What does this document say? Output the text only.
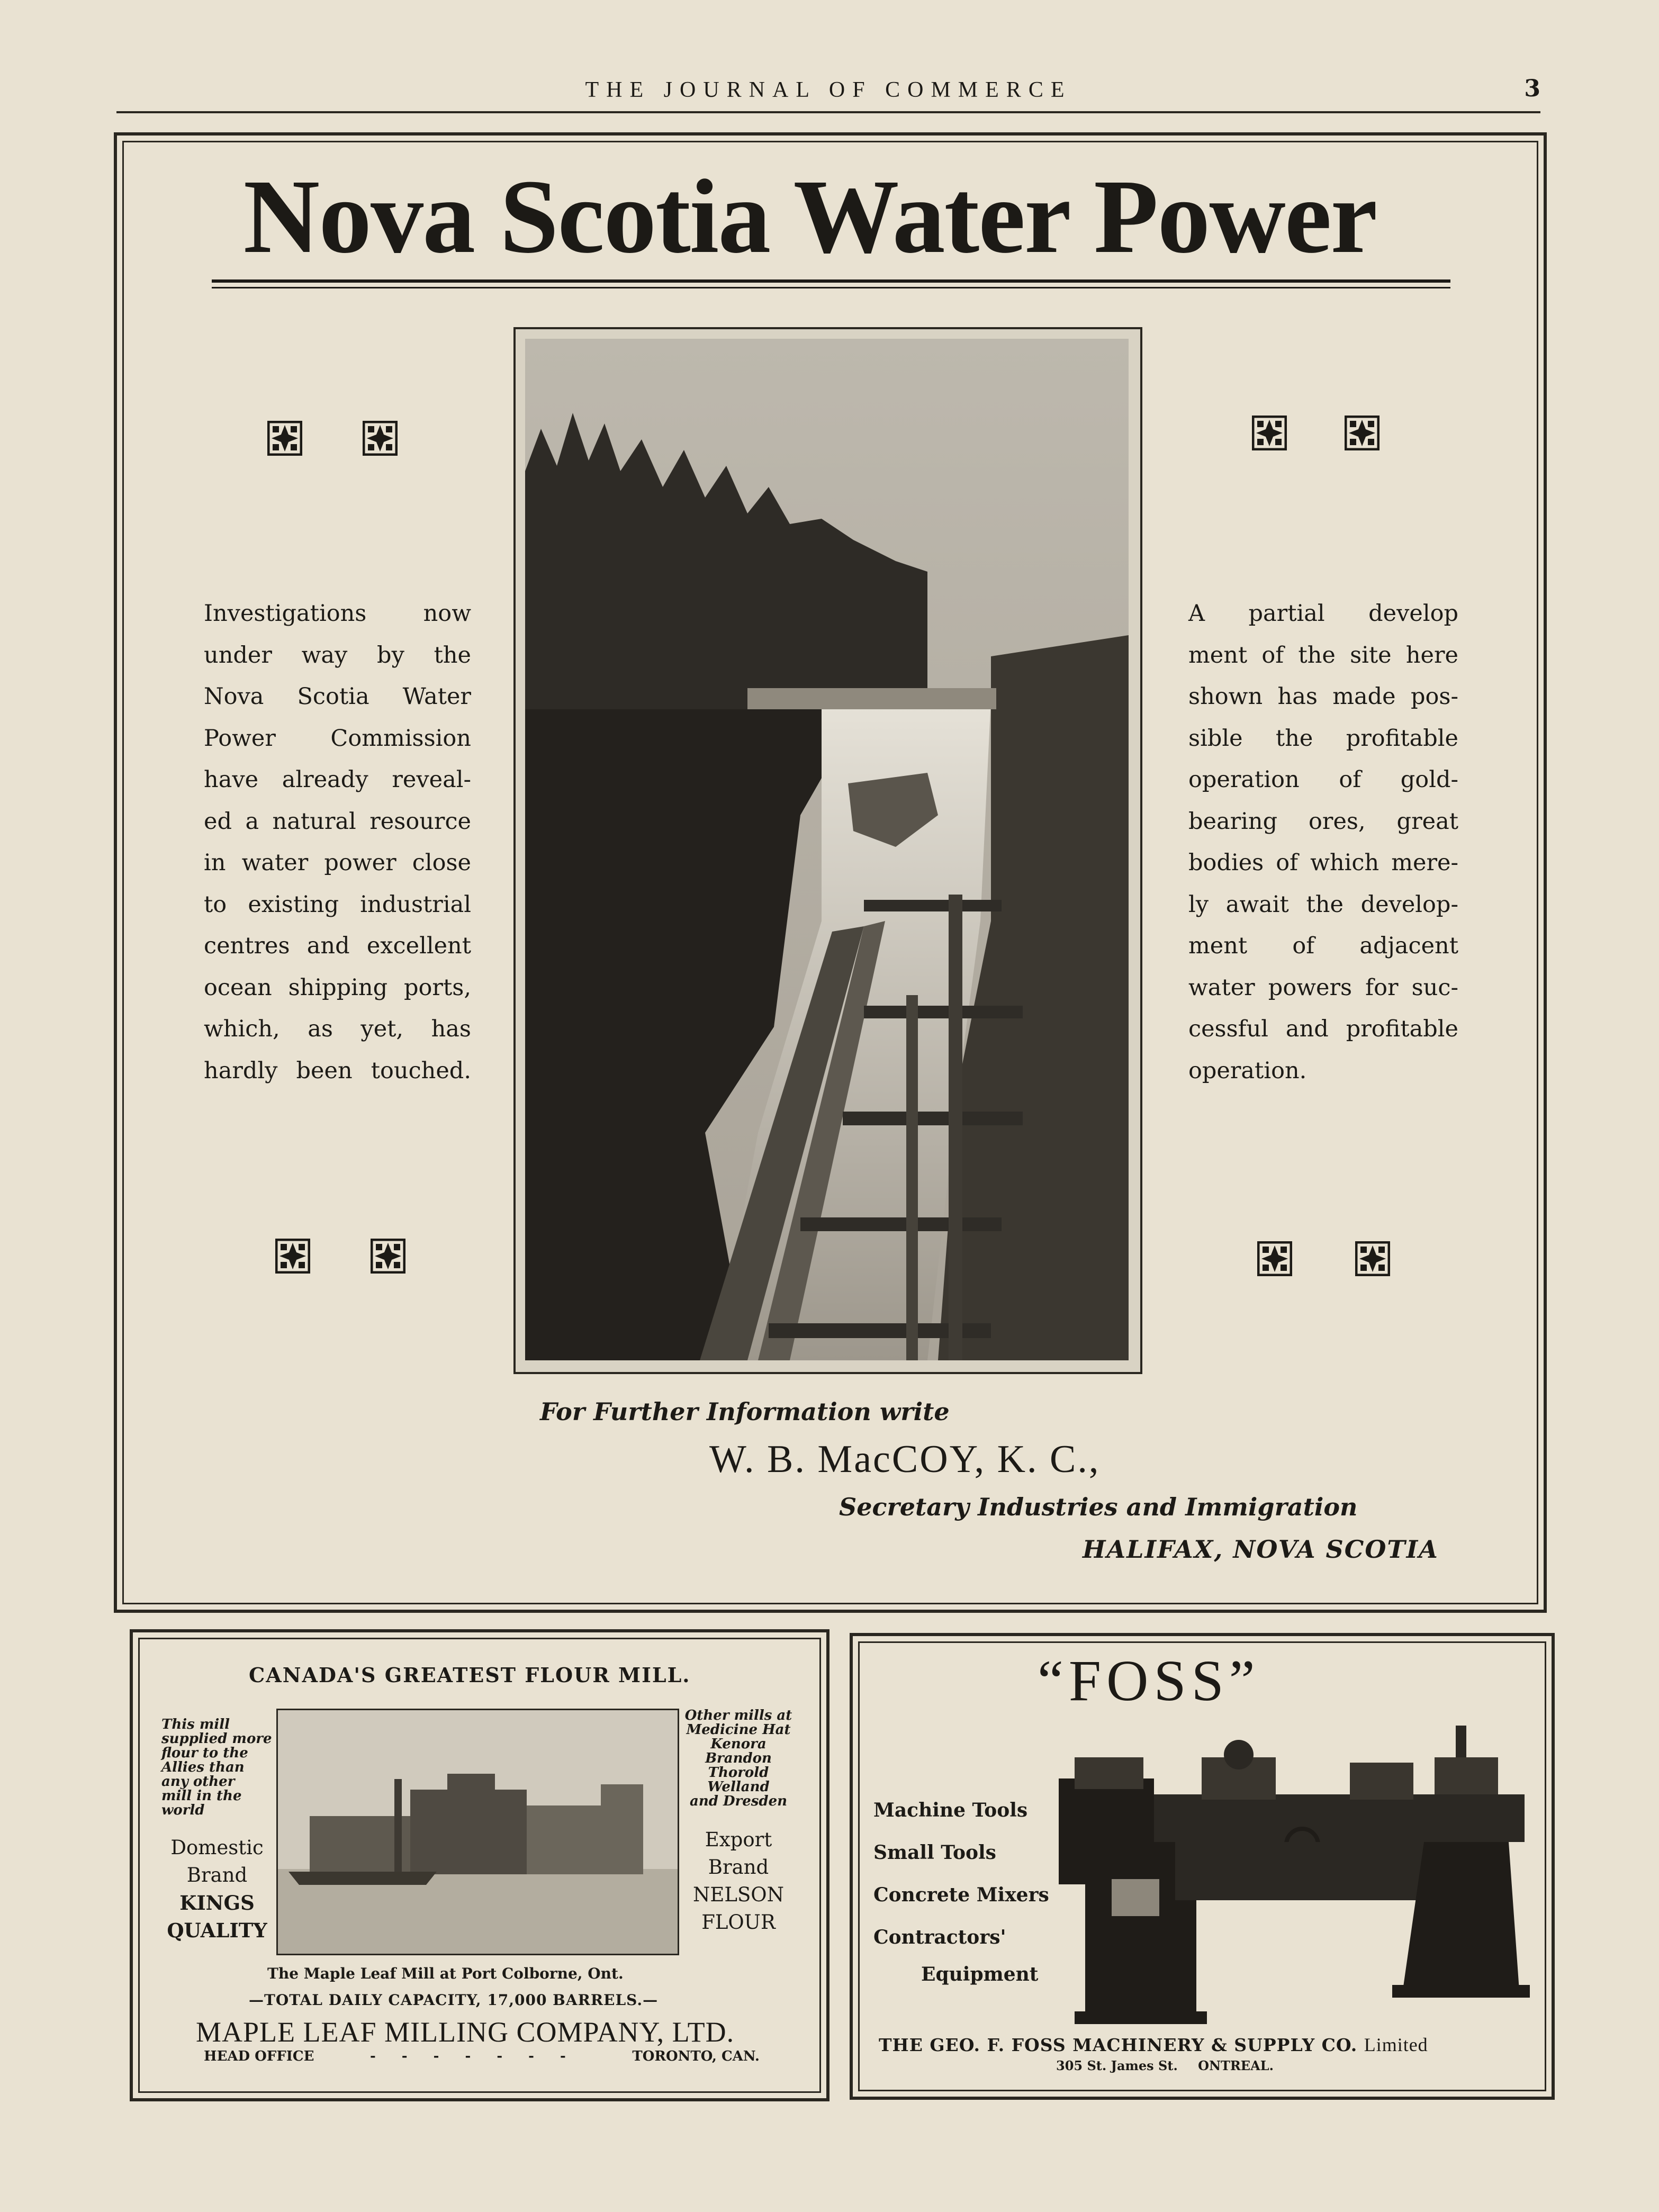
THE JOURNAL OF COMMERCE	3
Nova Scotia Water Power

Investigations now

under way by the

Nova Scotia Water

Power Commission

have already reveal-

ed a natural resource

in water power close

to existing industrial

centres and excellent

ocean shipping ports,

which, as yet, has

hardly been touched.

A partial develop

ment of the site here

shown has made pos-

sible the profitable

operation of gold-

bearing ores, great

bodies of which mere-

ly await the develop-

ment of adjacent

water powers for suc-

cessful and profitable

operation.

For Further Information write
W. B. MacCOY, K. C.,
Secretary Industries and Immigration
HALIFAX, NOVA SCOTIA
CANADA'S GREATEST FLOUR MILL.
This mill
supplied more
flour to the
Allies than
any other
mill in the
world
Domestic
Brand
KINGS
QUALITY
The Maple Leaf Mill at Port Colborne, Ont.
—TOTAL DAILY CAPACITY, 17,000 BARRELS.—
Other mills at
Medicine Hat
Kenora
Brandon
Thorold
Welland
and Dresden
Export
Brand
NELSON
FLOUR
MAPLE LEAF MILLING COMPANY, LTD.
HEAD OFFICE	- - - - - - -	TORONTO, CAN.
“FOSS”
Machine Tools
Small Tools
Concrete Mixers
Contractors'
Equipment
THE GEO. F. FOSS MACHINERY & SUPPLY CO. Limited
305 St. James St. ONTREAL.
